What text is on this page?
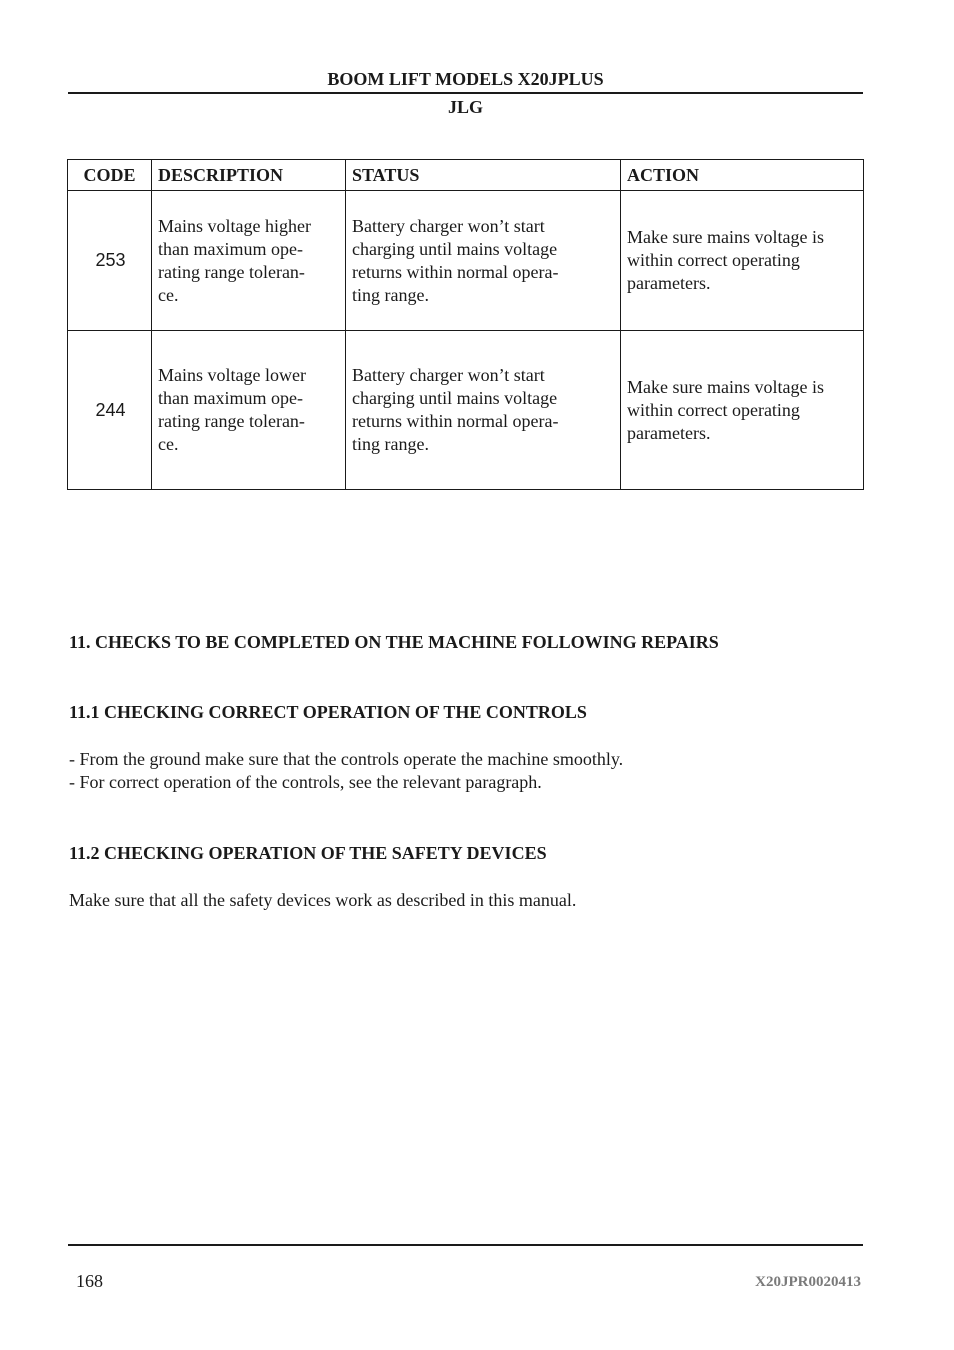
BOOM LIFT MODELS X20JPLUS
JLG
CODE	DESCRIPTION	STATUS	ACTION
253	Mains voltage higher
than maximum ope-
rating range toleran-
ce.	Battery charger won’t start
charging until mains voltage
returns within normal opera-
ting range.	Make sure mains voltage is
within correct operating
parameters.
244	Mains voltage lower
than maximum ope-
rating range toleran-
ce.	Battery charger won’t start
charging until mains voltage
returns within normal opera-
ting range.	Make sure mains voltage is
within correct operating
parameters.
11. CHECKS TO BE COMPLETED ON THE MACHINE FOLLOWING REPAIRS
11.1 CHECKING CORRECT OPERATION OF THE CONTROLS
- From the ground make sure that the controls operate the machine smoothly.
- For correct operation of the controls, see the relevant paragraph.
11.2 CHECKING OPERATION OF THE SAFETY DEVICES
Make sure that all the safety devices work as described in this manual.
168	X20JPR0020413
